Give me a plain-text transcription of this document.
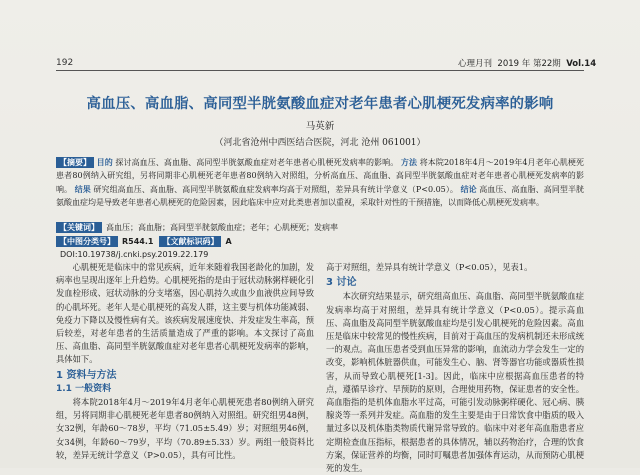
192	心理月刊 2019 年 第22期 Vol.14
高血压、高血脂、高同型半胱氨酸血症对老年患者心肌梗死发病率的影响
马英新
（河北省沧州中西医结合医院，河北 沧州 061001）
【摘要】 目的 探讨高血压、高血脂、高同型半胱氨酸血症对老年患者心肌梗死发病率的影响。 方法 将本院2018年4月～2019年4月老年心肌梗死患者80例纳入研究组，另将同期非心肌梗死老年患者80例纳入对照组，分析高血压、高血脂、高同型半胱氨酸血症对老年患者心肌梗死发病率的影响。 结果 研究组高血压、高血脂、高同型半胱氨酸血症发病率均高于对照组，差异具有统计学意义（P<0.05）。 结论 高血压、高血脂、高同型半胱氨酸血症均是导致老年患者心肌梗死的危险因素，因此临床中应对此类患者加以重视，采取针对性的干预措施，以而降低心肌梗死发病率。
【关键词】 高血压；高血脂；高同型半胱氨酸血症；老年；心肌梗死；发病率
【中图分类号】 R544.1 【文献标识码】 A
DOI:10.19738/j.cnki.psy.2019.22.179

心肌梗死是临床中的常见疾病，近年来随着我国老龄化的加剧，发病率也呈现出逐年上升趋势。心肌梗死指的是由于冠状动脉粥样硬化引发血栓形成、冠状动脉的分支堵塞，因心肌持久或血少血液供应间导致的心肌坏死。老年人是心肌梗死的高发人群，这主要与机体功能减弱、免疫力下降以及慢性病有关。该疾病发展速度快、并发症发生率高，预后较差，对老年患者的生活质量造成了严重的影响。本文探讨了高血压、高血脂、高同型半胱氨酸血症对老年患者心肌梗死发病率的影响，具体如下。

1 资料与方法
1.1 一般资料

将本院2018年4月～2019年4月老年心肌梗死患者80例纳入研究组，另将同期非心肌梗死老年患者80例纳入对照组。研究组男48例，女32例，年龄60～78岁，平均（71.05±5.49）岁；对照组男46例，女34例，年龄60～79岁，平均（70.89±5.33）岁。两组一般资料比较，差异无统计学意义（P>0.05），具有可比性。

高于对照组，差异具有统计学意义（P<0.05），见表1。

3 讨论

本次研究结果显示，研究组高血压、高血脂、高同型半胱氨酸血症发病率均高于对照组，差异具有统计学意义（P<0.05）。提示高血压、高血脂及高同型半胱氨酸血症均是引发心肌梗死的危险因素。高血压是临床中较常见的慢性疾病，目前对于高血压的发病机制还未形成统一的观点。高血压患者受到血压异常的影响，血流动力学会发生一定的改变，影响机体脏器供血，可能发生心、脑、肾等器官功能或器质性损害，从而导致心肌梗死[1-3]。因此，临床中应根据高血压患者的特点，遵循早诊疗、早预防的原则，合理使用药物，保证患者的安全性。高血脂指的是机体血脂水平过高，可能引发动脉粥样硬化、冠心病、胰腺炎等一系列并发症。高血脂的发生主要是由于日常饮食中脂质的吸入量过多以及机体脂类物质代谢异常导致的。临床中对老年高血脂患者应定期检查血压指标，根据患者的具体情况，辅以药物治疗，合理的饮食方案，保证营养的均衡，同时叮嘱患者加强体育运动，从而预防心肌梗死的发生。
